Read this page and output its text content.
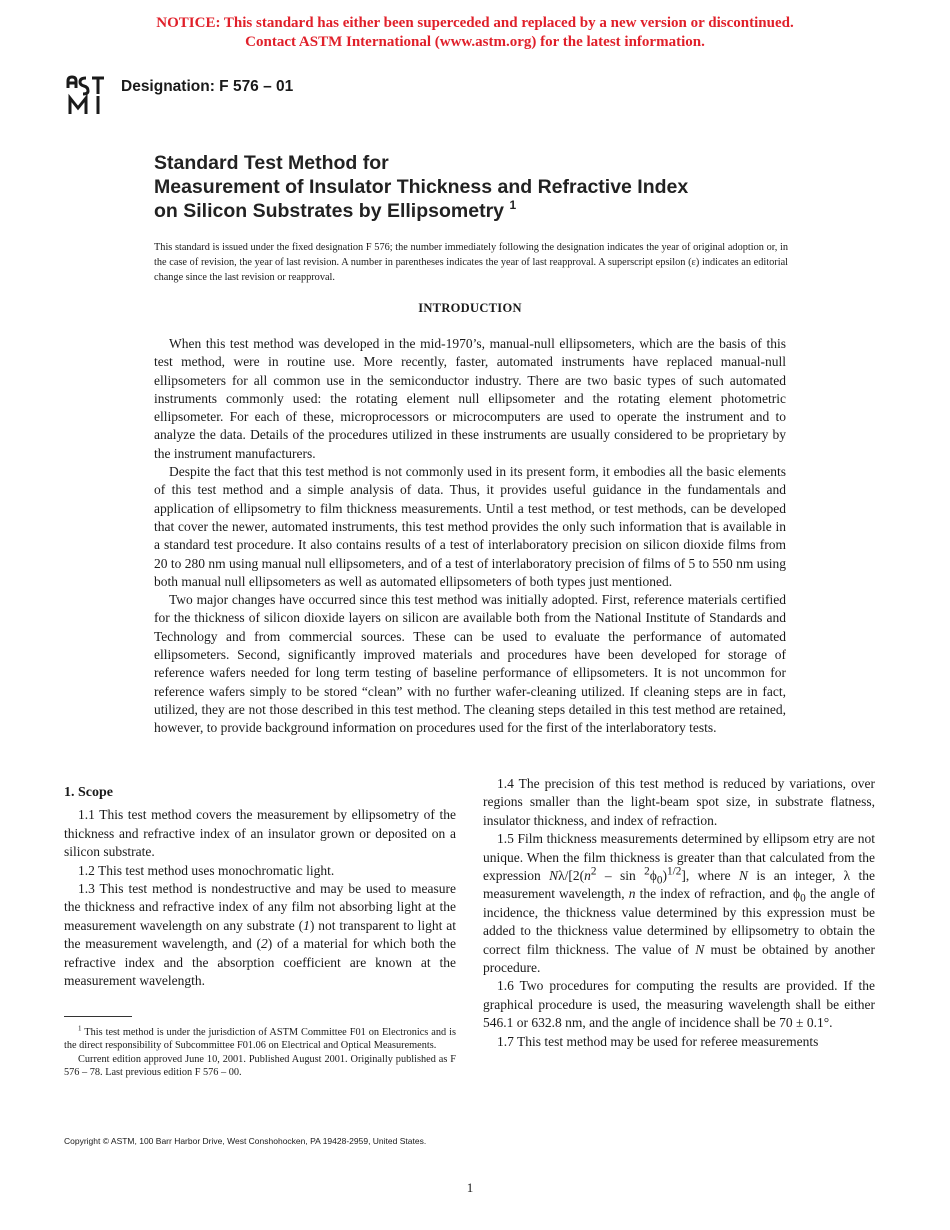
NOTICE: This standard has either been superceded and replaced by a new version or discontinued.
Contact ASTM International (www.astm.org) for the latest information.
Designation: F 576 – 01
Standard Test Method for
Measurement of Insulator Thickness and Refractive Index
on Silicon Substrates by Ellipsometry $^1$
This standard is issued under the fixed designation F 576; the number immediately following the designation indicates the year of original adoption or, in the case of revision, the year of last revision. A number in parentheses indicates the year of last reapproval. A superscript epsilon (ε) indicates an editorial change since the last revision or reapproval.
INTRODUCTION

When this test method was developed in the mid-1970’s, manual-null ellipsometers, which are the basis of this test method, were in routine use. More recently, faster, automated instruments have replaced manual-null ellipsometers for all common use in the semiconductor industry. There are two basic types of such automated instruments commonly used: the rotating element null ellipsometer and the rotating element photometric ellipsometer. For each of these, microprocessors or microcomputers are used to operate the instrument and to analyze the data. Details of the procedures utilized in these instruments are usually considered to be proprietary by the instrument manufacturers.

Despite the fact that this test method is not commonly used in its present form, it embodies all the basic elements of this test method and a simple analysis of data. Thus, it provides useful guidance in the fundamentals and application of ellipsometry to film thickness measurements. Until a test method, or test methods, can be developed that cover the newer, automated instruments, this test method provides the only such information that is available in a standard test procedure. It also contains results of a test of interlaboratory precision on silicon dioxide films from 20 to 280 nm using manual null ellipsometers, and of a test of interlaboratory precision of films of 5 to 550 nm using both manual null ellipsometers as well as automated ellipsometers of both types just mentioned.

Two major changes have occurred since this test method was initially adopted. First, reference materials certified for the thickness of silicon dioxide layers on silicon are available both from the National Institute of Standards and Technology and from commercial sources. These can be used to evaluate the performance of automated ellipsometers. Second, significantly improved materials and procedures have been developed for storage of reference wafers needed for long term testing of baseline performance of ellipsometers. It is not uncommon for reference wafers simply to be stored “clean” with no further wafer-cleaning utilized. If cleaning steps are in fact, utilized, they are not those described in this test method. The cleaning steps detailed in this test method are retained, however, to provide background information on procedures used for the first of the interlaboratory tests.

1. Scope

1.1 This test method covers the measurement by ellipsometry of the thickness and refractive index of an insulator grown or deposited on a silicon substrate.

1.2 This test method uses monochromatic light.

1.3 This test method is nondestructive and may be used to measure the thickness and refractive index of any film not absorbing light at the measurement wavelength on any substrate (1) not transparent to light at the measurement wavelength, and (2) of a material for which both the refractive index and the absorption coefficient are known at the measurement wavelength.

1.4 The precision of this test method is reduced by variations, over regions smaller than the light-beam spot size, in substrate flatness, insulator thickness, and index of refraction.

1.5 Film thickness measurements determined by ellipsom etry are not unique. When the film thickness is greater than that calculated from the expression $N\lambda/[2(n^2$ – $\sin ^2\phi_0)^{1/2}$], where N is an integer, λ the measurement wavelength, n the index of refraction, and $\phi_0$ the angle of incidence, the thickness value determined by this expression must be added to the thickness value determined by ellipsometry to obtain the correct film thickness. The value of N must be obtained by another procedure.

1.6 Two procedures for computing the results are provided. If the graphical procedure is used, the measuring wavelength shall be either 546.1 or 632.8 nm, and the angle of incidence shall be 70 ± 0.1°.

1.7 This test method may be used for referee measurements

$^1$ This test method is under the jurisdiction of ASTM Committee F01 on Electronics and is the direct responsibility of Subcommittee F01.06 on Electrical and Optical Measurements.

Current edition approved June 10, 2001. Published August 2001. Originally published as F 576 – 78. Last previous edition F 576 – 00.

Copyright © ASTM, 100 Barr Harbor Drive, West Conshohocken, PA 19428-2959, United States.
1
